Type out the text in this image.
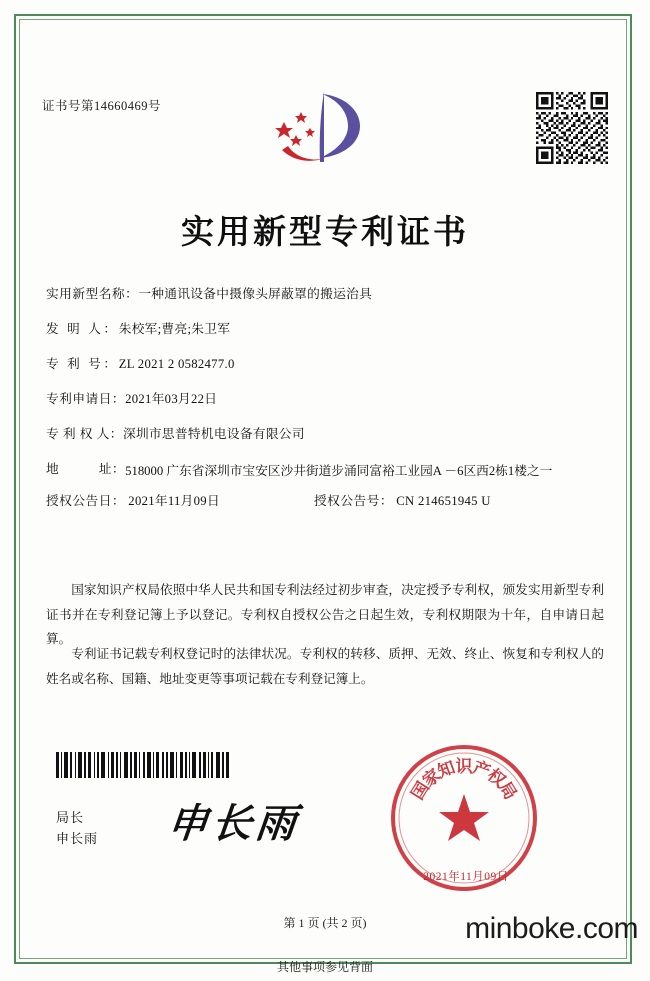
证书号第14660469号
实用新型专利证书
实用新型名称： 一种通讯设备中摄像头屏蔽罩的搬运治具
发 明 人： 朱校军;曹亮;朱卫军
专 利 号： ZL 2021 2 0582477.0
专利申请日： 2021年03月22日
专 利 权 人： 深圳市思普特机电设备有限公司
地　　　址： 518000 广东省深圳市宝安区沙井街道步涌同富裕工业园A －6区西2栋1楼之一
授权公告日： 2021年11月09日	授权公告号： CN 214651945 U
国家知识产权局依照中华人民共和国专利法经过初步审查，决定授予专利权，颁发实用新型专利证书并在专利登记簿上予以登记。专利权自授权公告之日起生效，专利权期限为十年，自申请日起算。
专利证书记载专利权登记时的法律状况。专利权的转移、质押、无效、终止、恢复和专利权人的姓名或名称、国籍、地址变更等事项记载在专利登记簿上。
局长
申长雨 申长雨
国
家
知
识
产
权
局
2021年11月09日
第 1 页 (共 2 页)
其他事项参见背面
minboke.com
